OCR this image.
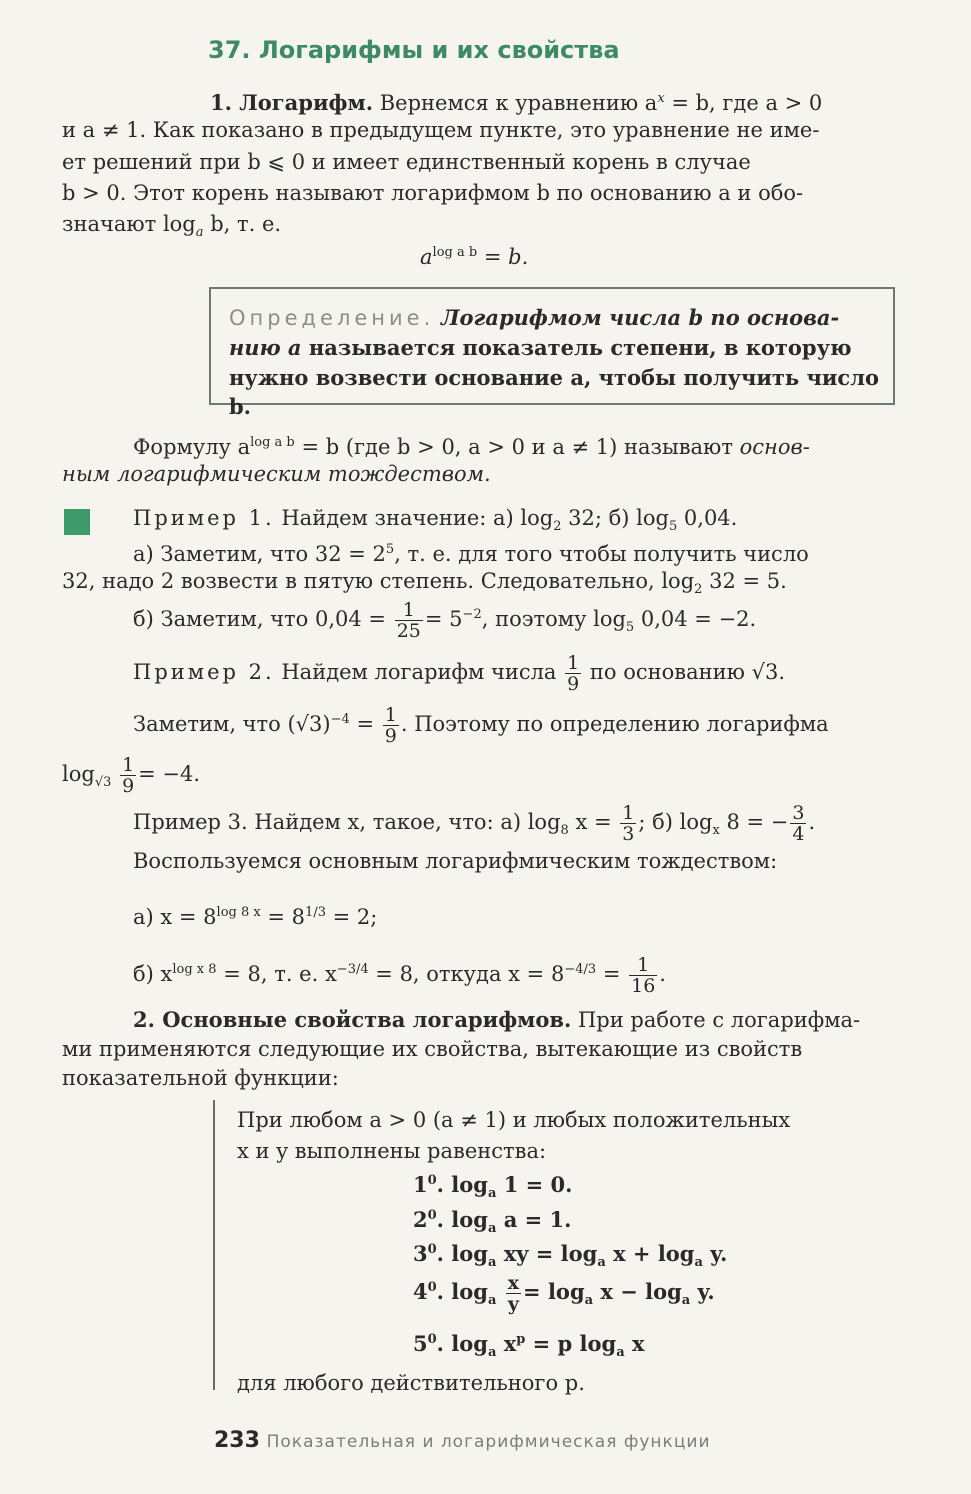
37. Логарифмы и их свойства
1. Логарифм. Вернемся к уравнению $a^x = b$, где a > 0
и a ≠ 1. Как показано в предыдущем пункте, это уравнение не име-
ет решений при b ⩽ 0 и имеет единственный корень в случае
b > 0. Этот корень называют логарифмом b по основанию a и обо-
значают $\log_a b$, т. е.
$a^{log a b} = b$.
Определение. Логарифмом числа b по основа-
нию a называется показатель степени, в которую
нужно возвести основание a, чтобы получить число b.
Формулу $a^{log a b} = b$ (где b > 0, a > 0 и a ≠ 1) называют основ-
ным логарифмическим тождеством.
Пример 1. Найдем значение: а) $\log_2 32$; б) $\log_5 0,04$.
а) Заметим, что $32 = 2^5$, т. е. для того чтобы получить число
32, надо 2 возвести в пятую степень. Следовательно, $\log_2 32 = 5$.
б) Заметим, что $0,04 = \frac{1}{25} = 5^{-2}$, поэтому $\log_5 0,04 = -2$.
Пример 2. Найдем логарифм числа $\frac{1}{9}$ по основанию √3.
Заметим, что $(√3)^{-4} = \frac{1}{9}$ . Поэтому по определению логарифма
$\log_{√3} \frac{1}{9} = -4$.
Пример 3. Найдем x, такое, что: а) $\log_8 x = \frac{1}{3}$ ; б) $\log_x 8$ = − $\frac{3}{4}$ .
Воспользуемся основным логарифмическим тождеством:
а) $x = 8^{log 8 x} = 8^{1/3} = 2$;
б) $x^{log x 8} = 8$, т. е. $x^{-3/4} = 8$, откуда $x = 8^{-4/3} = \frac{1}{16}$ .
2. Основные свойства логарифмов. При работе с логарифма-
ми применяются следующие их свойства, вытекающие из свойств
показательной функции:
При любом a > 0 (a ≠ 1) и любых положительных
x и y выполнены равенства:
$1^0$. $\log_a 1 = 0$.
$2^0$. $\log_a a = 1$.
$3^0$. $\log_a$ xy = $\log_a x + \log_a y$.
$4^0$. $\log_a \frac{x}{y} = \log_a x - \log_a y$.
$5^0$. $\log_a x^p = p$ $\log_a x$
для любого действительного p.
233 Показательная и логарифмическая функции
